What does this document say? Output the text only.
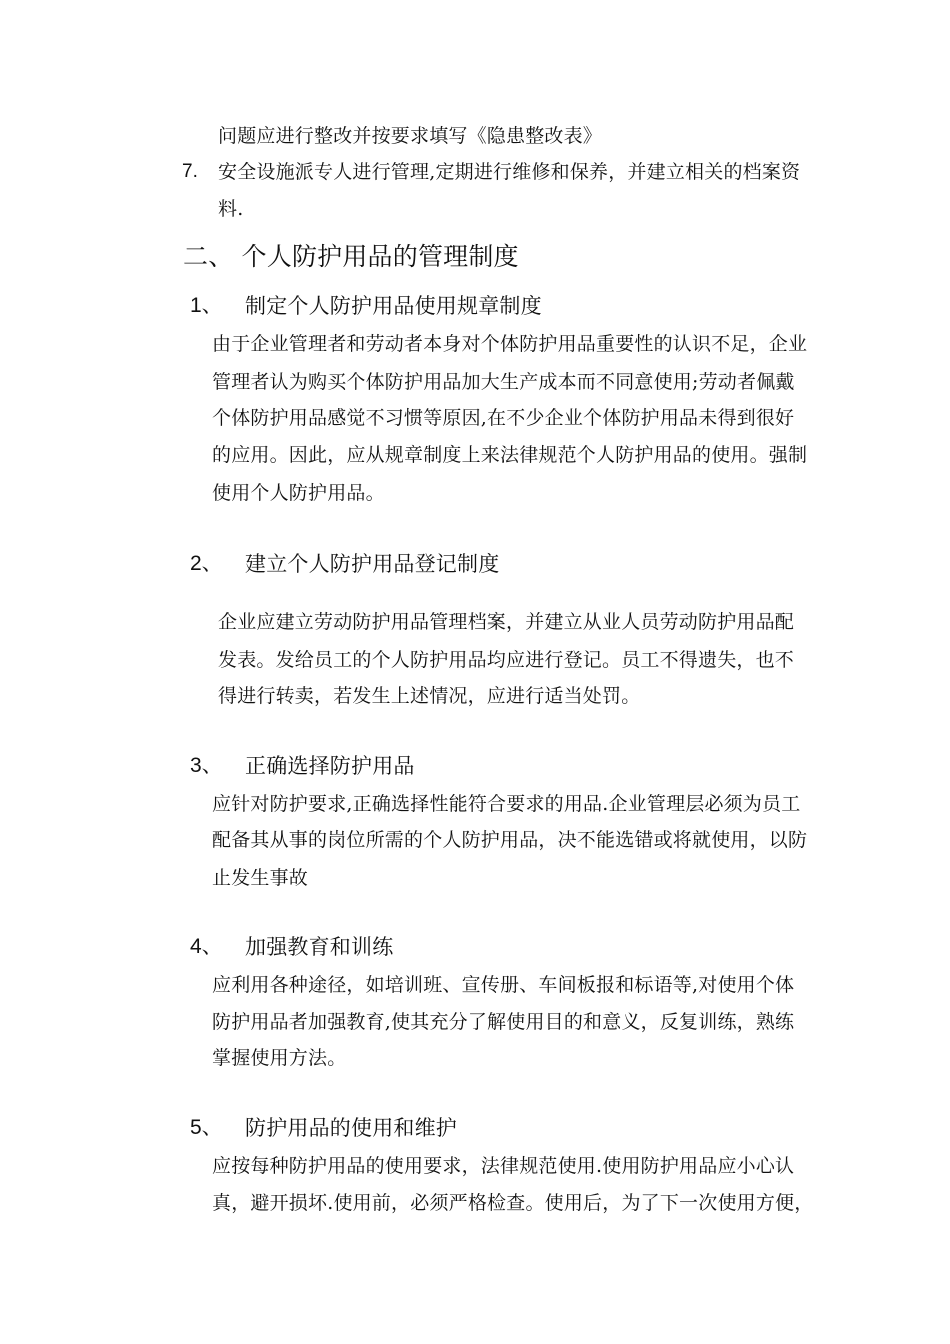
问题应进行整改并按要求填写《隐患整改表》
7. 安全设施派专人进行管理,定期进行维修和保养，并建立相关的档案资
料.
二、 个人防护用品的管理制度
1、 制定个人防护用品使用规章制度
由于企业管理者和劳动者本身对个体防护用品重要性的认识不足，企业
管理者认为购买个体防护用品加大生产成本而不同意使用;劳动者佩戴
个体防护用品感觉不习惯等原因,在不少企业个体防护用品未得到很好
的应用。因此，应从规章制度上来法律规范个人防护用品的使用。强制
使用个人防护用品。
2、 建立个人防护用品登记制度
企业应建立劳动防护用品管理档案，并建立从业人员劳动防护用品配
发表。发给员工的个人防护用品均应进行登记。员工不得遗失，也不
得进行转卖，若发生上述情况，应进行适当处罚。
3、 正确选择防护用品
应针对防护要求,正确选择性能符合要求的用品.企业管理层必须为员工
配备其从事的岗位所需的个人防护用品，决不能选错或将就使用，以防
止发生事故
4、 加强教育和训练
应利用各种途径，如培训班、宣传册、车间板报和标语等,对使用个体
防护用品者加强教育,使其充分了解使用目的和意义，反复训练，熟练
掌握使用方法。
5、 防护用品的使用和维护
应按每种防护用品的使用要求，法律规范使用.使用防护用品应小心认
真，避开损坏.使用前，必须严格检查。使用后，为了下一次使用方便，
